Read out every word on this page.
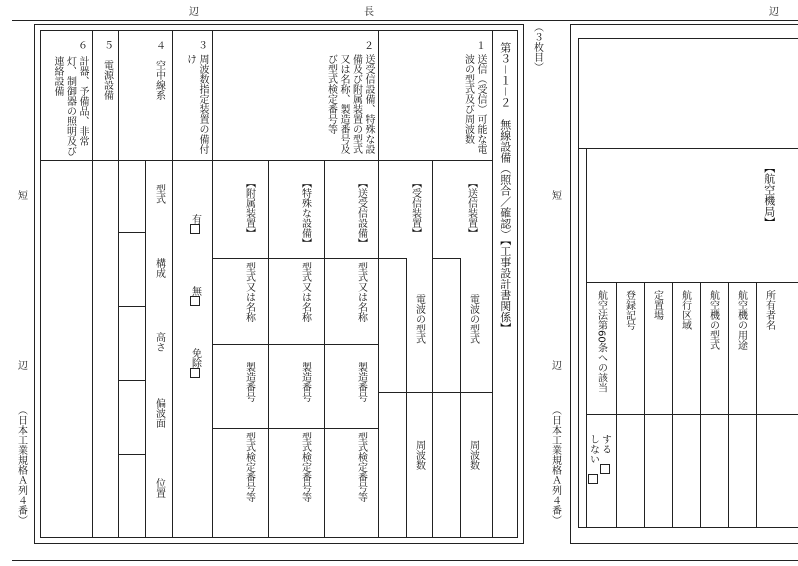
辺	長	辺
（３枚目）
短
辺
（日本工業規格Ａ列４番）
短
辺
（日本工業規格Ａ列４番）
第３－１－２　無線設備（照合／確認）【工事設計書関係】
１
送信（受信）可能な電波の型式及び周波数
２
送受信設備、特殊な設備及び附属装置の型式又は名称、製造番号及び型式検定番号等
３
周波数指定装置の備付け
４
空中線系
５
電源設備
６
計器、予備品、非常灯、制御器の照明及び連絡設備
【送信装置】
【受信装置】
電波の型式
周波数
電波の型式
周波数
【送受信設備】
【特殊な設備】
【附属装置】
型式又は名称
製造番号
型式検定番号等
型式又は名称
製造番号
型式検定番号等
型式又は名称
製造番号
型式検定番号等
有
無
免除
型式
構成
高さ
偏波面
位置
【航空機局】
所有者名
航空機の用途
航空機の型式
航行区域
定置場
登録記号
航空法第60条への該当
する　
しない　
